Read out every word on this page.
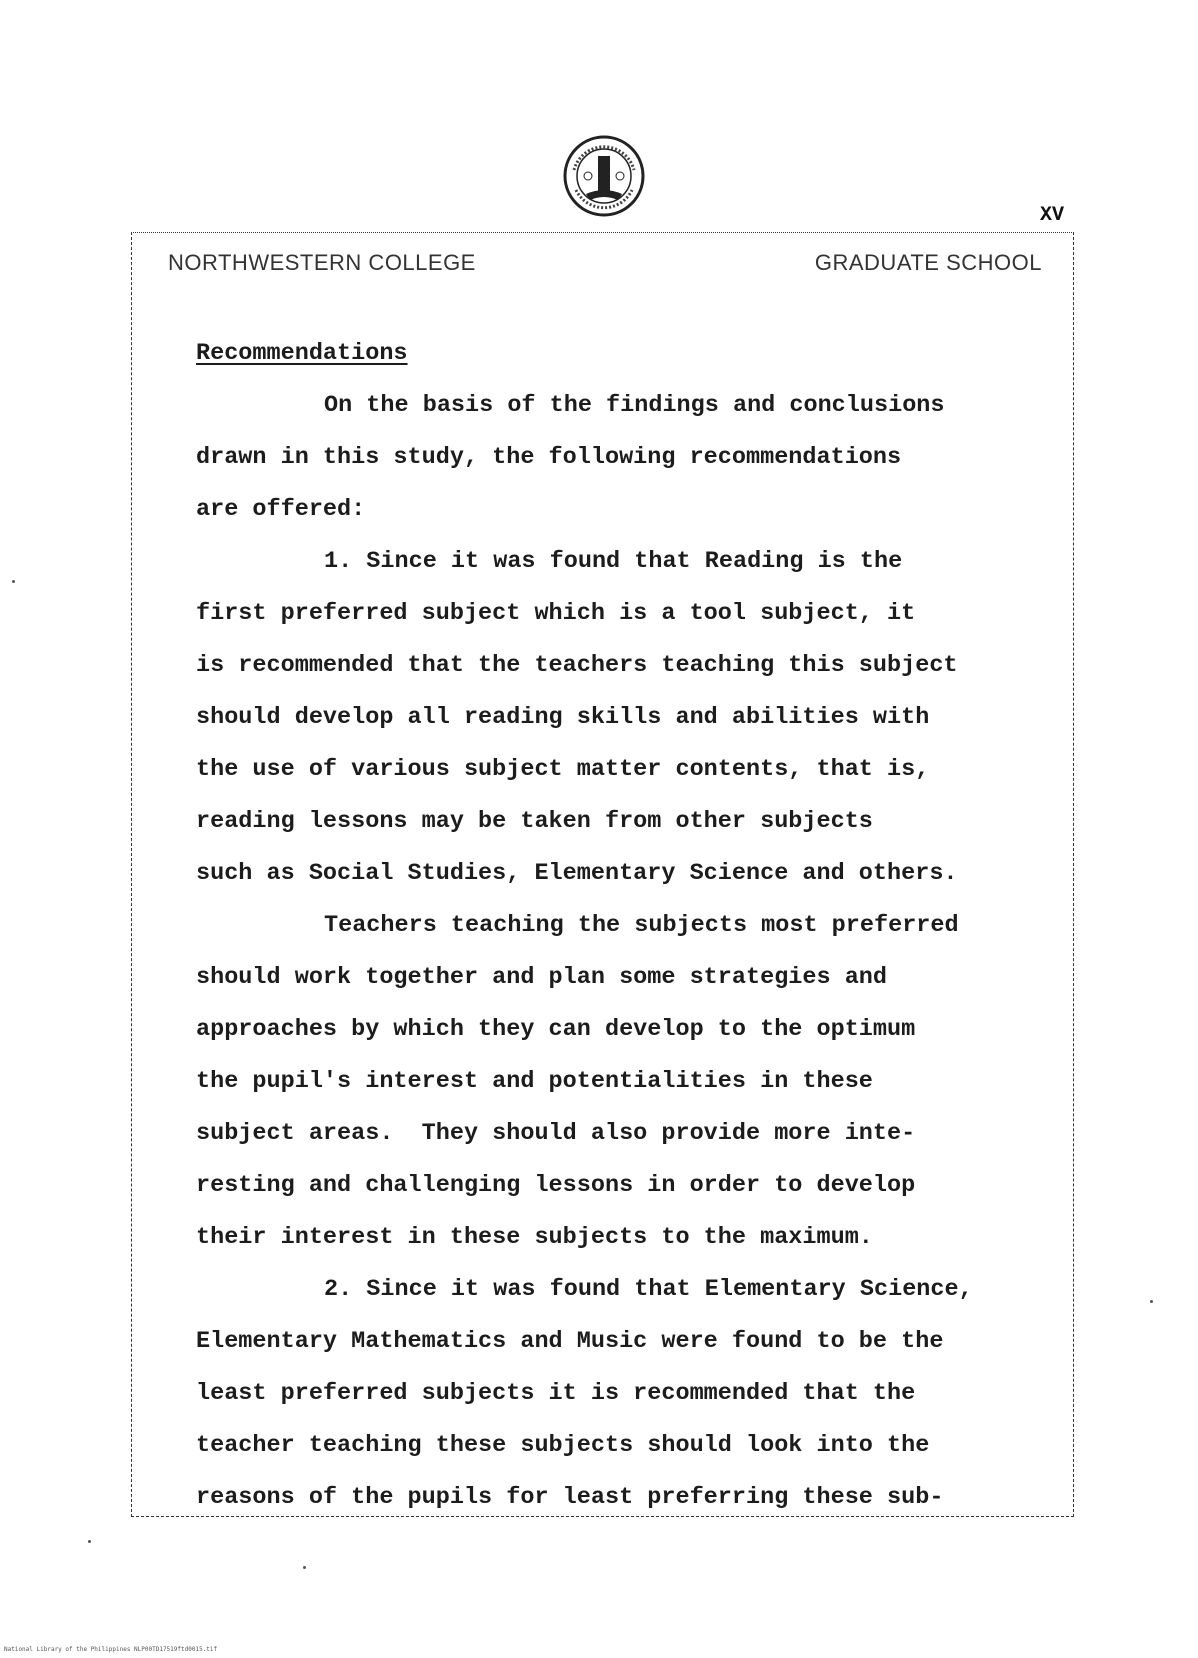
XV
NORTHWESTERN COLLEGE	GRADUATE SCHOOL
Recommendations
On the basis of the findings and conclusions
drawn in this study, the following recommendations
are offered:
1. Since it was found that Reading is the
first preferred subject which is a tool subject, it
is recommended that the teachers teaching this subject
should develop all reading skills and abilities with
the use of various subject matter contents, that is,
reading lessons may be taken from other subjects
such as Social Studies, Elementary Science and others.
Teachers teaching the subjects most preferred
should work together and plan some strategies and
approaches by which they can develop to the optimum
the pupil's interest and potentialities in these
subject areas.  They should also provide more inte-
resting and challenging lessons in order to develop
their interest in these subjects to the maximum.
2. Since it was found that Elementary Science,
Elementary Mathematics and Music were found to be the
least preferred subjects it is recommended that the
teacher teaching these subjects should look into the
reasons of the pupils for least preferring these sub-
National Library of the Philippines NLP00TD17519ftd0015.tif
